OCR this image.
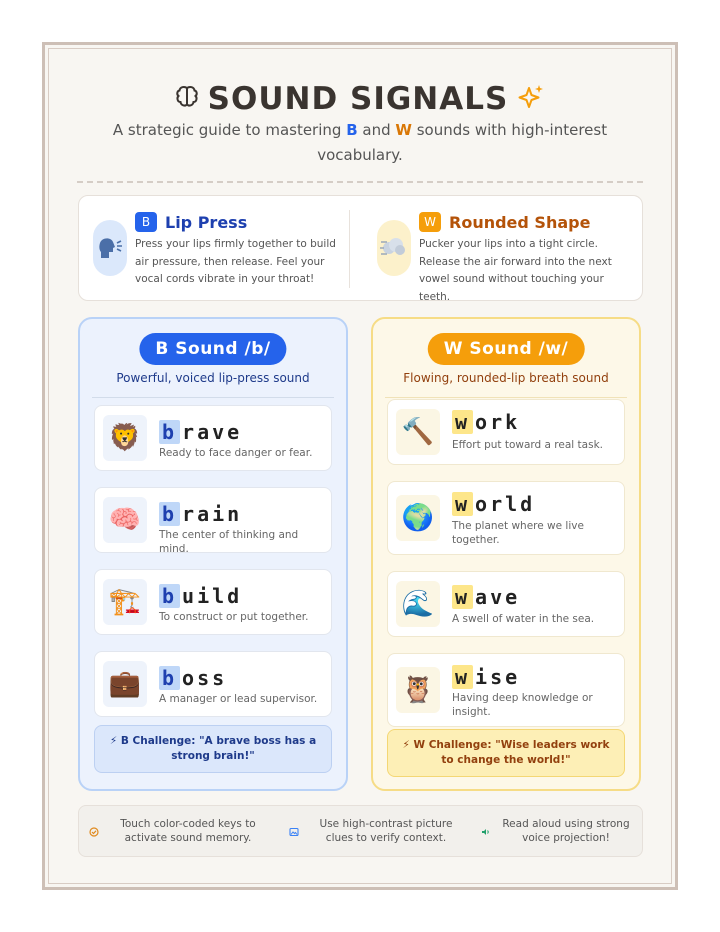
SOUND SIGNALS
A strategic guide to mastering B and W sounds with high-interest vocabulary.
B Lip Press
Press your lips firmly together to build air pressure, then release. Feel your vocal cords vibrate in your throat!
W Rounded Shape
Pucker your lips into a tight circle. Release the air forward into the next vowel sound without touching your teeth.
B Sound /b/
Powerful, voiced lip-press sound
🦁 b rave
Ready to face danger or fear.
🧠 b rain
The center of thinking and mind.
🏗️ b uild
To construct or put together.
💼 b oss
A manager or lead supervisor.
⚡ B Challenge: "A brave boss has a strong brain!"
W Sound /w/
Flowing, rounded-lip breath sound
🔨 w ork
Effort put toward a real task.
🌍 w orld
The planet where we live together.
🌊 w ave
A swell of water in the sea.
🦉 w ise
Having deep knowledge or insight.
⚡ W Challenge: "Wise leaders work to change the world!"
Touch color-coded keys to activate sound memory.
Use high-contrast picture clues to verify context.
Read aloud using strong voice projection!
